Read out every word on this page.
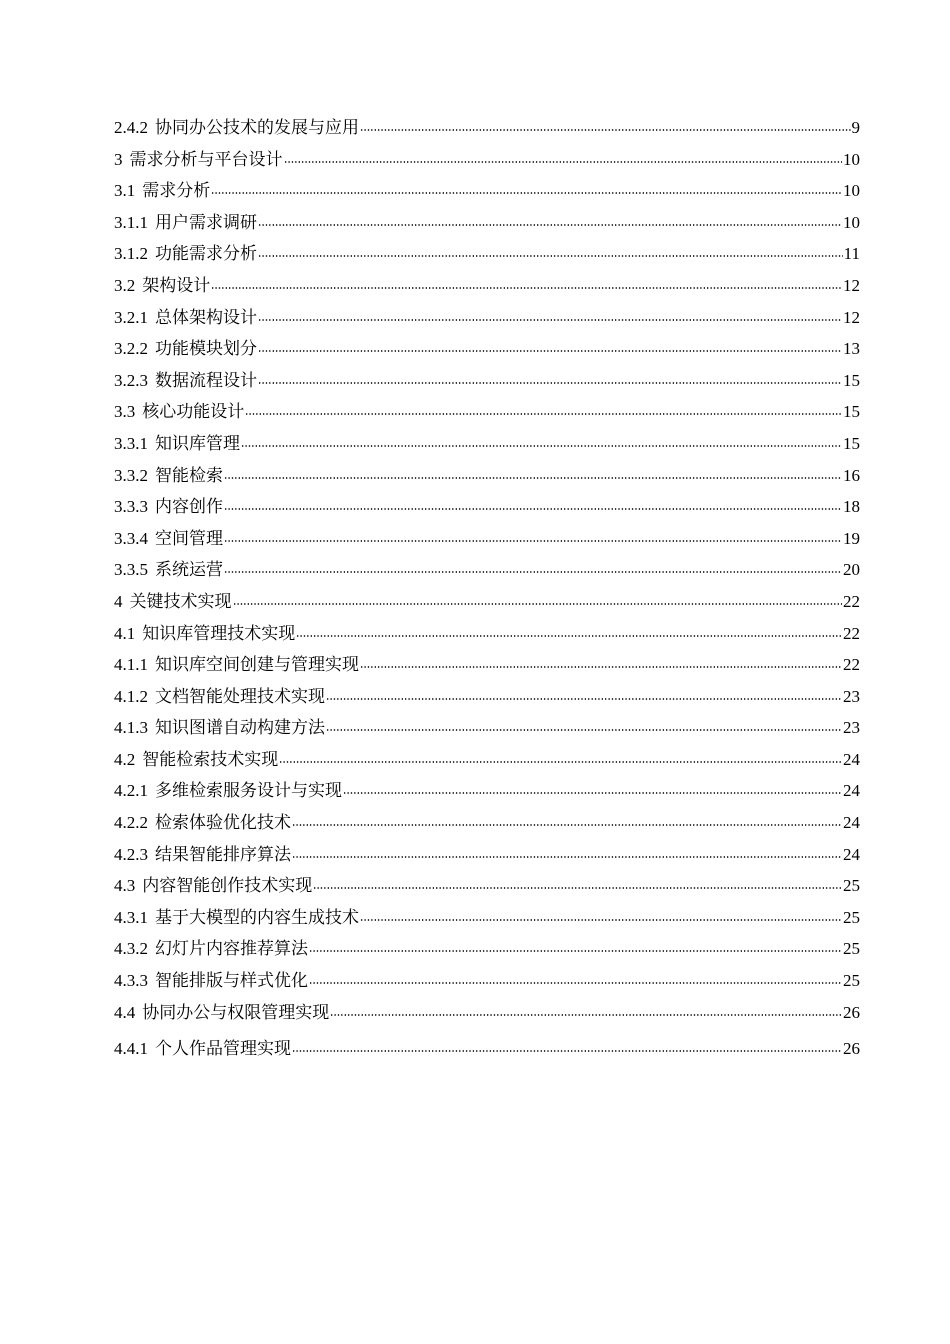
2.4.2 协同办公技术的发展与应用	9
3 需求分析与平台设计	10
3.1 需求分析	10
3.1.1 用户需求调研	10
3.1.2 功能需求分析	11
3.2 架构设计	12
3.2.1 总体架构设计	12
3.2.2 功能模块划分	13
3.2.3 数据流程设计	15
3.3 核心功能设计	15
3.3.1 知识库管理	15
3.3.2 智能检索	16
3.3.3 内容创作	18
3.3.4 空间管理	19
3.3.5 系统运营	20
4 关键技术实现	22
4.1 知识库管理技术实现	22
4.1.1 知识库空间创建与管理实现	22
4.1.2 文档智能处理技术实现	23
4.1.3 知识图谱自动构建方法	23
4.2 智能检索技术实现	24
4.2.1 多维检索服务设计与实现	24
4.2.2 检索体验优化技术	24
4.2.3 结果智能排序算法	24
4.3 内容智能创作技术实现	25
4.3.1 基于大模型的内容生成技术	25
4.3.2 幻灯片内容推荐算法	25
4.3.3 智能排版与样式优化	25
4.4 协同办公与权限管理实现	26
4.4.1 个人作品管理实现	26
